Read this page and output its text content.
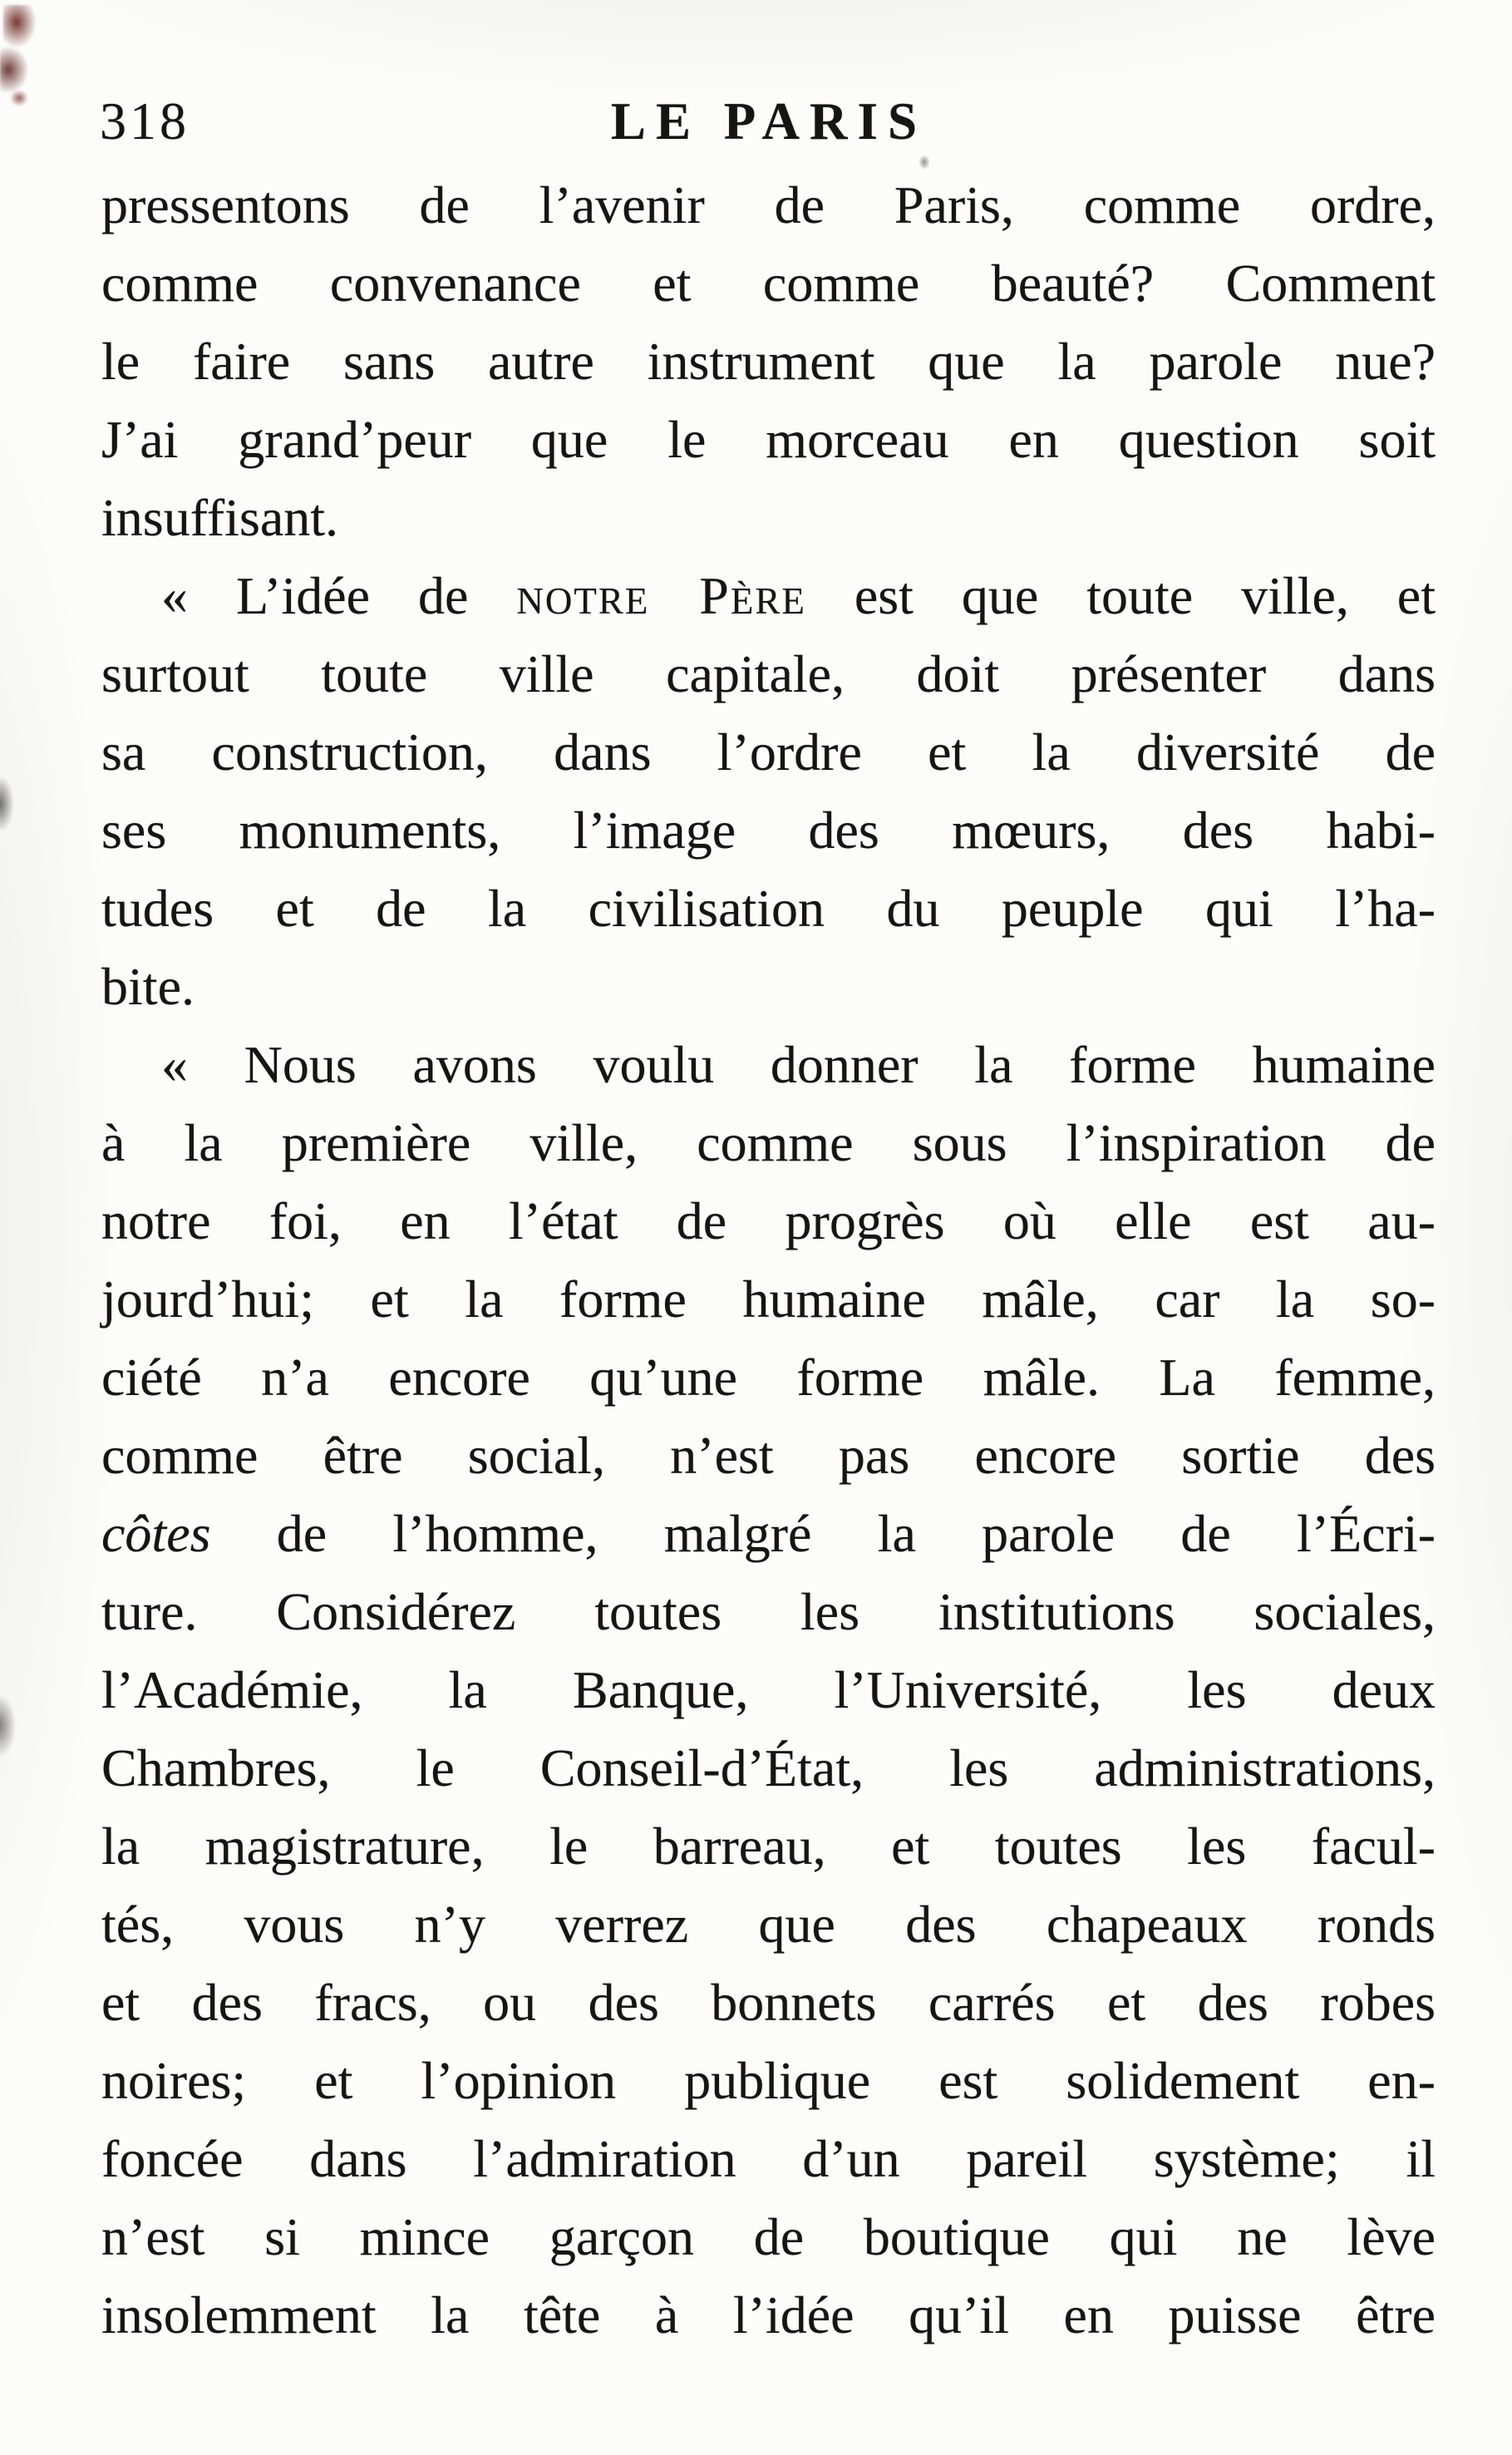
318	LE PARIS
pressentons de l’avenir de Paris, comme ordre,
comme convenance et comme beauté? Comment
le faire sans autre instrument que la parole nue?
J’ai grand’peur que le morceau en question soit
insuffisant.
« L’idée de notre Père est que toute ville, et
surtout toute ville capitale, doit présenter dans
sa construction, dans l’ordre et la diversité de
ses monuments, l’image des mœurs, des habi-
tudes et de la civilisation du peuple qui l’ha-
bite.
« Nous avons voulu donner la forme humaine
à la première ville, comme sous l’inspiration de
notre foi, en l’état de progrès où elle est au-
jourd’hui; et la forme humaine mâle, car la so-
ciété n’a encore qu’une forme mâle. La femme,
comme être social, n’est pas encore sortie des
côtes de l’homme, malgré la parole de l’Écri-
ture. Considérez toutes les institutions sociales,
l’Académie, la Banque, l’Université, les deux
Chambres, le Conseil-d’État, les administrations,
la magistrature, le barreau, et toutes les facul-
tés, vous n’y verrez que des chapeaux ronds
et des fracs, ou des bonnets carrés et des robes
noires; et l’opinion publique est solidement en-
foncée dans l’admiration d’un pareil système; il
n’est si mince garçon de boutique qui ne lève
insolemment la tête à l’idée qu’il en puisse être
